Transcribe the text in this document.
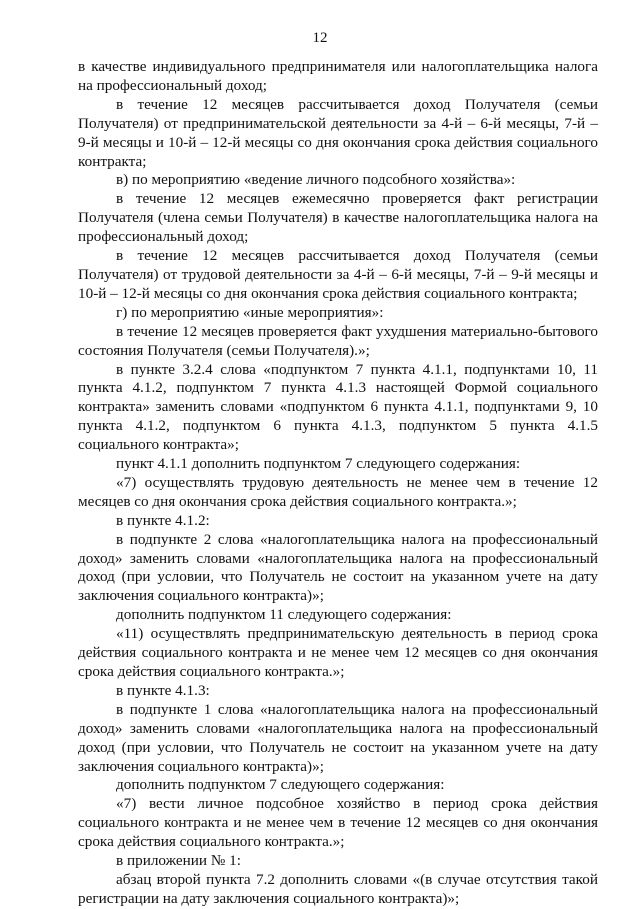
12

в качестве индивидуального предпринимателя или налогоплательщика налога на профессиональный доход;

в течение 12 месяцев рассчитывается доход Получателя (семьи Получателя) от предпринимательской деятельности за 4-й – 6-й месяцы, 7-й – 9-й месяцы и 10-й – 12-й месяцы со дня окончания срока действия социального контракта;

в) по мероприятию «ведение личного подсобного хозяйства»:

в течение 12 месяцев ежемесячно проверяется факт регистрации Получателя (члена семьи Получателя) в качестве налогоплательщика налога на профессиональный доход;

в течение 12 месяцев рассчитывается доход Получателя (семьи Получателя) от трудовой деятельности за 4-й – 6-й месяцы, 7-й – 9-й месяцы и 10-й – 12-й месяцы со дня окончания срока действия социального контракта;

г) по мероприятию «иные мероприятия»:

в течение 12 месяцев проверяется факт ухудшения материально-бытового состояния Получателя (семьи Получателя).»;

в пункте 3.2.4 слова «подпунктом 7 пункта 4.1.1, подпунктами 10, 11 пункта 4.1.2, подпунктом 7 пункта 4.1.3 настоящей Формой социального контракта» заменить словами «подпунктом 6 пункта 4.1.1, подпунктами 9, 10 пункта 4.1.2, подпунктом 6 пункта 4.1.3, подпунктом 5 пункта 4.1.5 социального контракта»;

пункт 4.1.1 дополнить подпунктом 7 следующего содержания:

«7) осуществлять трудовую деятельность не менее чем в течение 12 месяцев со дня окончания срока действия социального контракта.»;

в пункте 4.1.2:

в подпункте 2 слова «налогоплательщика налога на профессиональный доход» заменить словами «налогоплательщика налога на профессиональный доход (при условии, что Получатель не состоит на указанном учете на дату заключения социального контракта)»;

дополнить подпунктом 11 следующего содержания:

«11) осуществлять предпринимательскую деятельность в период срока действия социального контракта и не менее чем 12 месяцев со дня окончания срока действия социального контракта.»;

в пункте 4.1.3:

в подпункте 1 слова «налогоплательщика налога на профессиональный доход» заменить словами «налогоплательщика налога на профессиональный доход (при условии, что Получатель не состоит на указанном учете на дату заключения социального контракта)»;

дополнить подпунктом 7 следующего содержания:

«7) вести личное подсобное хозяйство в период срока действия социального контракта и не менее чем в течение 12 месяцев со дня окончания срока действия социального контракта.»;

в приложении № 1:

абзац второй пункта 7.2 дополнить словами «(в случае отсутствия такой регистрации на дату заключения социального контракта)»;
